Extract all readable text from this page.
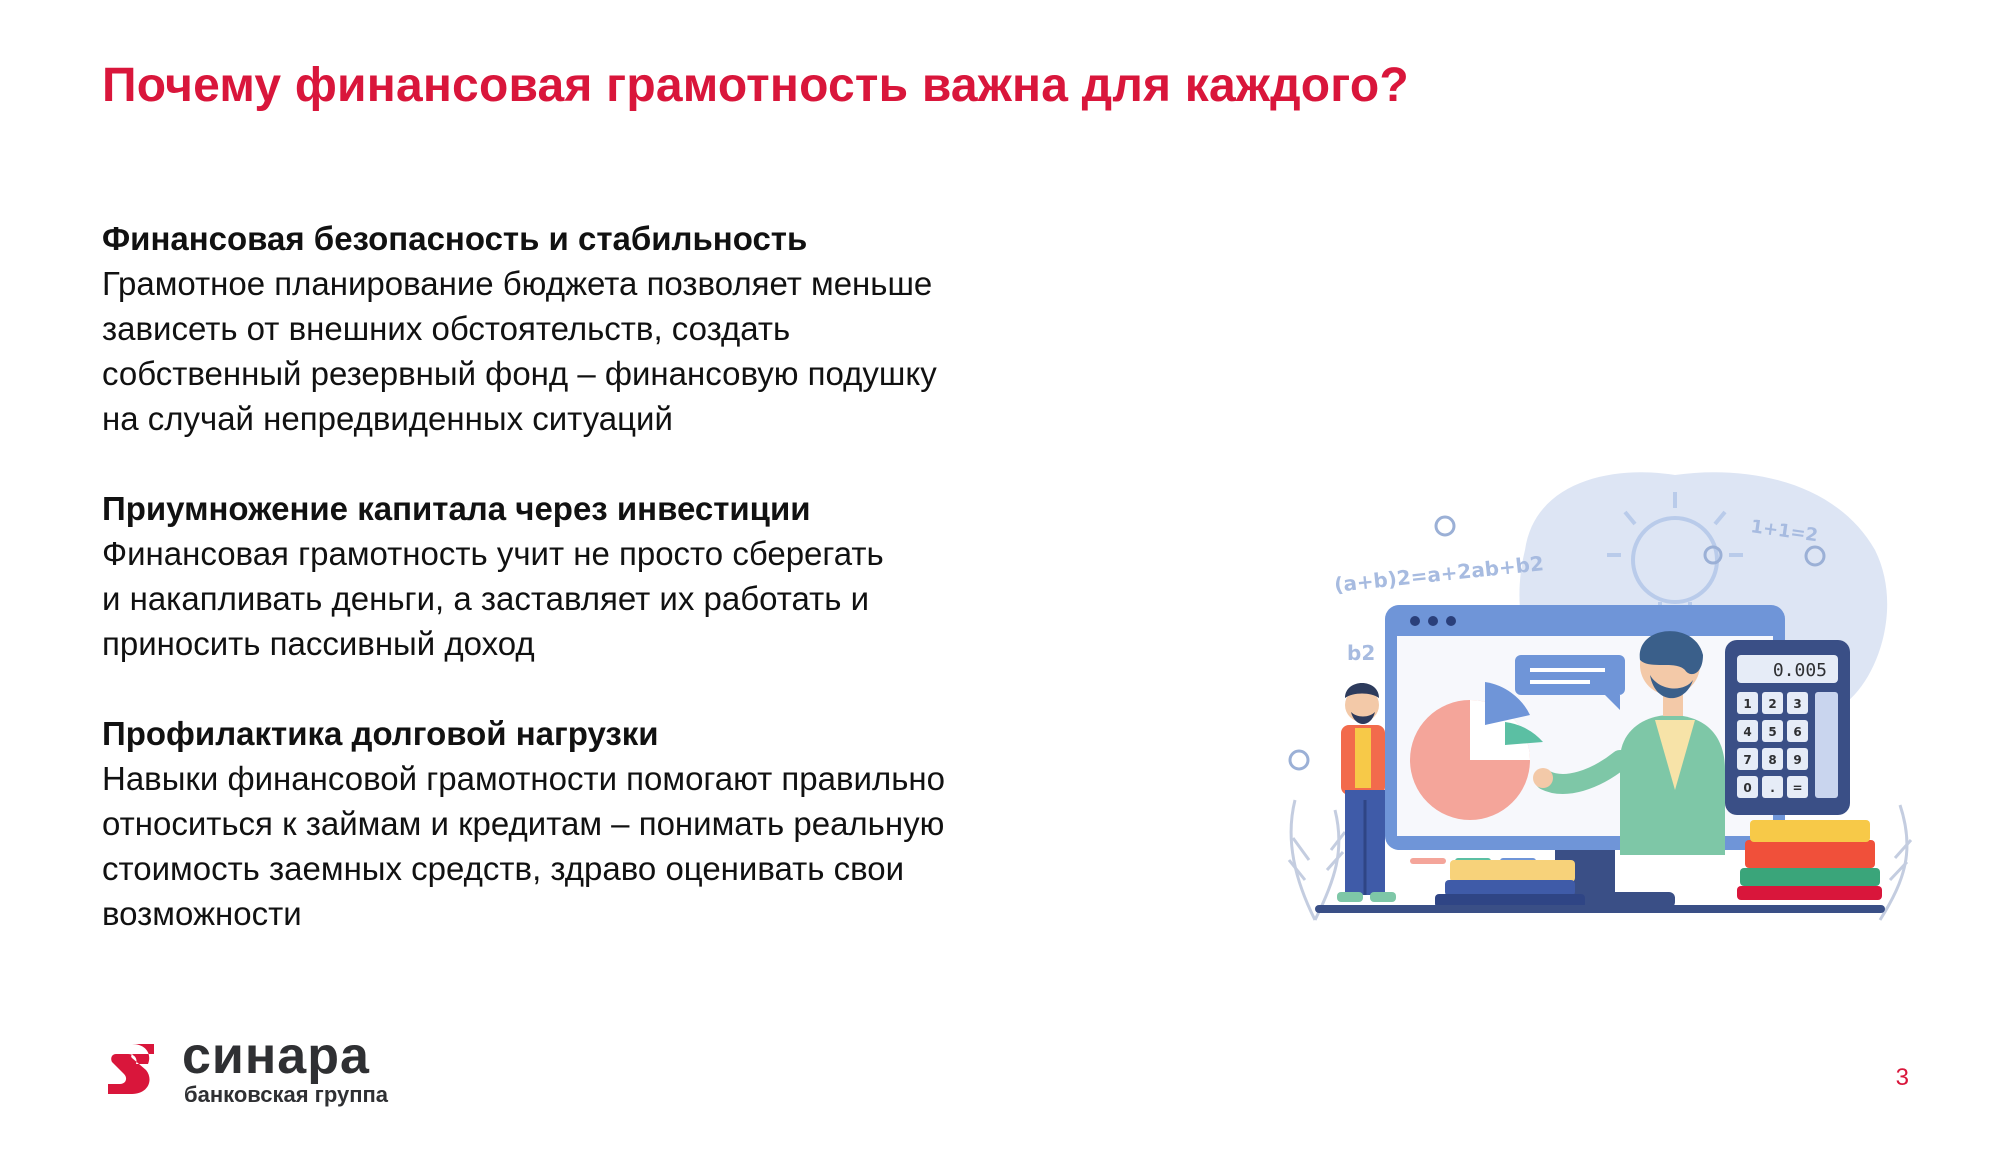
Почему финансовая грамотность важна для каждого?

Финансовая безопасность и стабильность

Грамотное планирование бюджета позволяет меньше
зависеть от внешних обстоятельств, создать
собственный резервный фонд – финансовую подушку
на случай непредвиденных ситуаций

Приумножение капитала через инвестиции

Финансовая грамотность учит не просто сберегать
и накапливать деньги, а заставляет их работать и
приносить пассивный доход

Профилактика долговой нагрузки

Навыки финансовой грамотности помогают правильно
относиться к займам и кредитам – понимать реальную
стоимость заемных средств, здраво оценивать свои
возможности

(a+b)2=a+2ab+b2
1+1=2
b2
0.005
1 2 3
4 5 6
7 8 9
0 . =
синара
банковская группа
3
